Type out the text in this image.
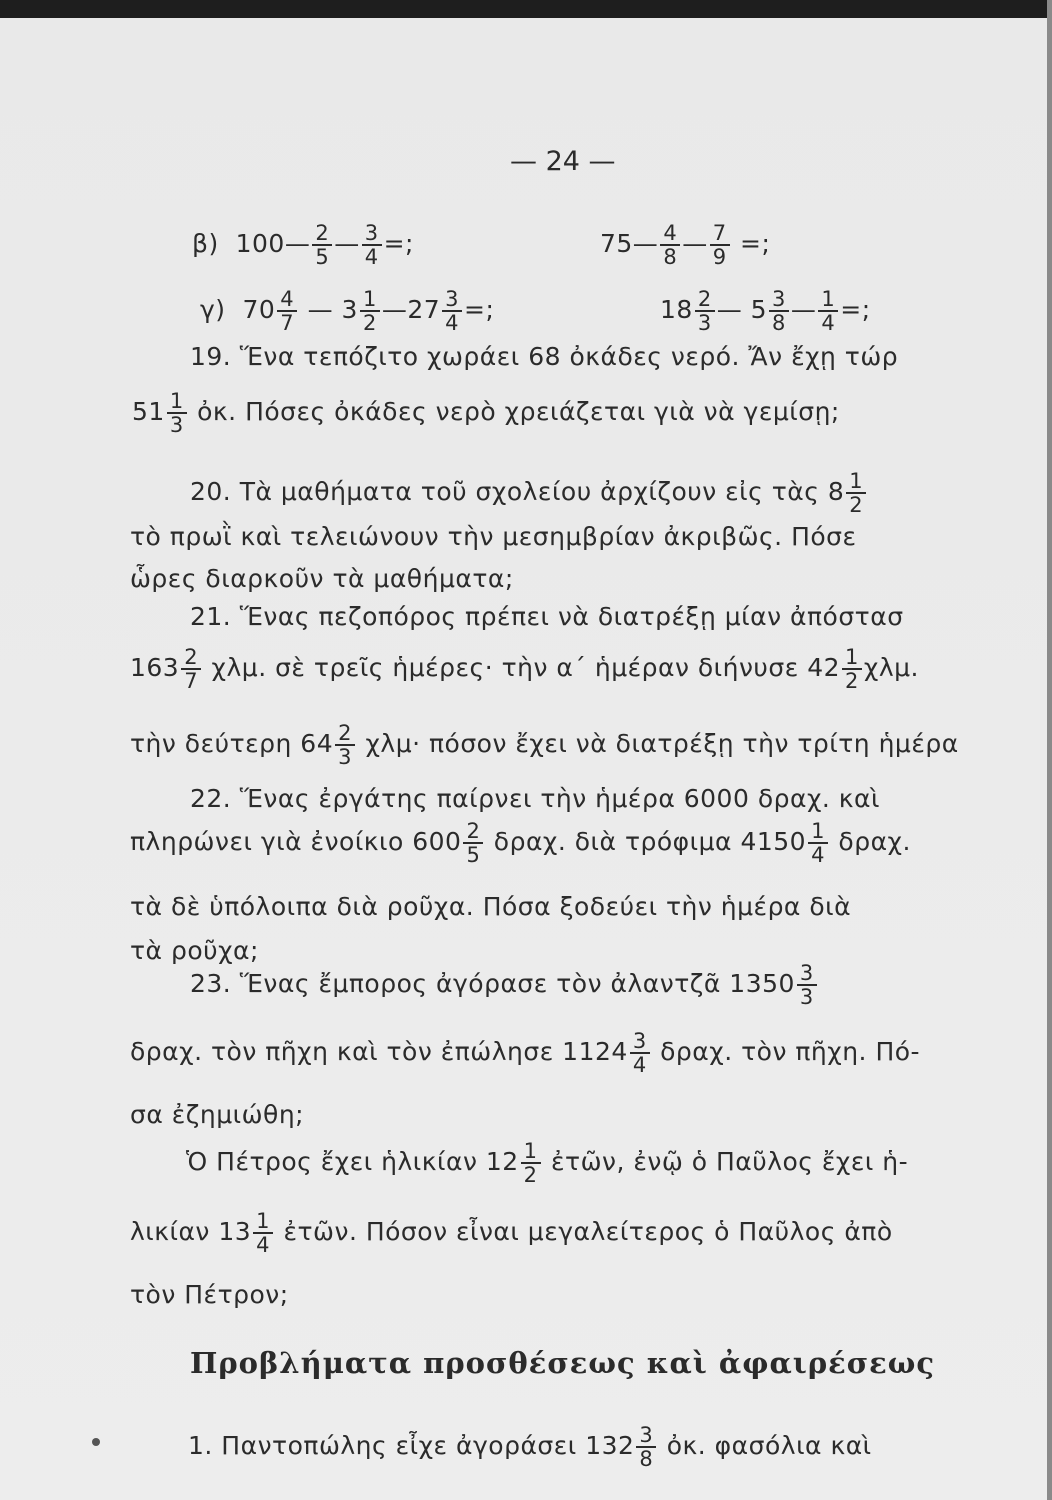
— 24 —
β) 100— $\frac{2}{5}$ — $\frac{3}{4}$ =;	75— $\frac{4}{8}$ — $\frac{7}{9}$ =;
γ) $70 \frac{4}{7}$ — $3 \frac{1}{2}$ —27 $\frac{3}{4}$ =;	$18 \frac{2}{3}$ — $5 \frac{3}{8}$ — $\frac{1}{4}$ =;
19. Ἕνα τεπόζιτο χωράει 68 ὀκάδες νερό. Ἄν ἔχῃ τώρ
$51 \frac{1}{3}$ ὀκ. Πόσες ὀκάδες νερὸ χρειάζεται γιὰ νὰ γεμίσῃ;
20. Τὰ μαθήματα τοῦ σχολείου ἀρχίζουν εἰς τὰς $8 \frac{1}{2}$
τὸ πρωῒ καὶ τελειώνουν τὴν μεσημβρίαν ἀκριβῶς. Πόσε
ὧρες διαρκοῦν τὰ μαθήματα;
21. Ἕνας πεζοπόρος πρέπει νὰ διατρέξῃ μίαν ἀπόστασ
$163 \frac{2}{7} \chi\lambda\mu$. σὲ τρεῖς ἡμέρες· τὴν α΄ ἡμέραν διήνυσε $42 \frac{1}{2} \chi\lambda\mu$.
τὴν δεύτερη $64 \frac{2}{3} \chi\lambda\mu\cdot \pi ό\sigma o\nu$ ἔχει νὰ διατρέξῃ τὴν τρίτη ἡμέρα
22. Ἕνας ἐργάτης παίρνει τὴν ἡμέρα 6000 δραχ. καὶ
πληρώνει γιὰ ἐνοίκιο $600 \frac{2}{5} \delta\rho\alpha\chi$. διὰ τρόφιμα $4150 \frac{1}{4} \delta\rho\alpha\chi$.
τὰ δὲ ὑπόλοιπα διὰ ροῦχα. Πόσα ξοδεύει τὴν ἡμέρα διὰ
τὰ ροῦχα;
23. Ἕνας ἔμπορος ἀγόρασε τὸν ἀλαντζᾶ $1350 \frac{3}{3}$
δραχ. τὸν πῆχη καὶ τὸν ἐπώλησε $1124 \frac{3}{4} \delta\rho\alpha\chi$. τὸν πῆχη. Πό-
σα ἐζημιώθη;
Ὁ Πέτρος ἔχει ἡλικίαν $12 \frac{1}{2}$ ἐτῶν, ἐνῷ ὁ Παῦλος ἔχει ἡ-
λικίαν $13 \frac{1}{4}$ ἐτῶν. Πόσον εἶναι μεγαλείτερος ὁ Παῦλος ἀπὸ
τὸν Πέτρον;
Προβλήματα προσθέσεως καὶ ἀφαιρέσεως
1. Παντοπώλης εἶχε ἀγοράσει $132 \frac{3}{8}$ ὀκ. φασόλια καὶ
